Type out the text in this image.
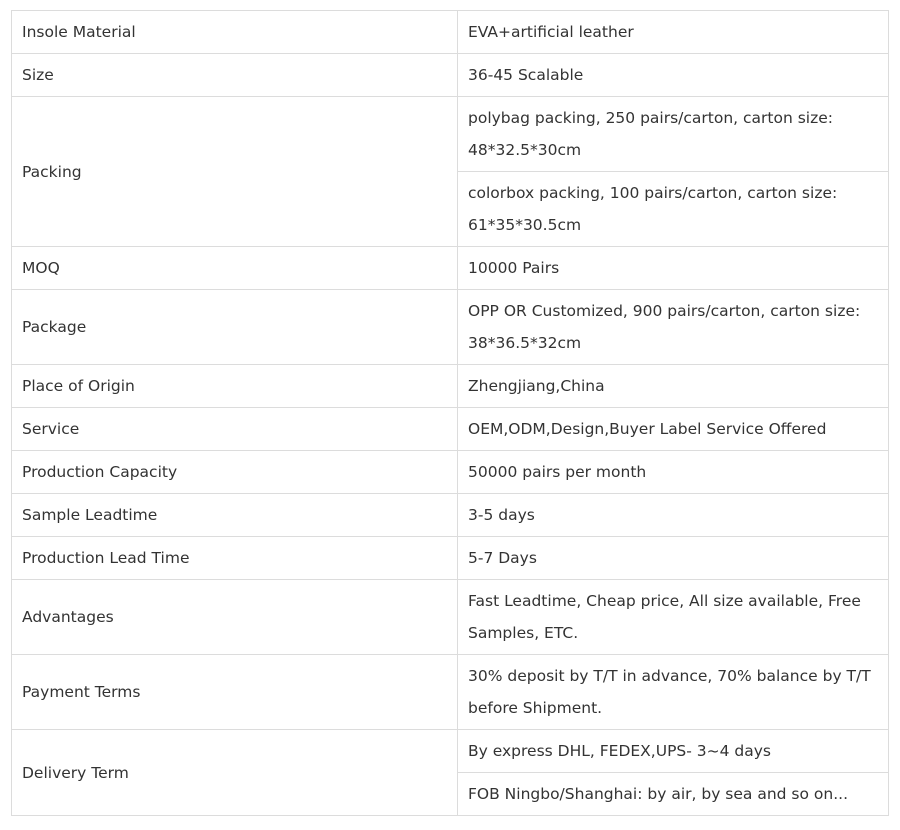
Insole Material	EVA+artificial leather
Size	36-45 Scalable
Packing	polybag packing, 250 pairs/carton, carton size: 48*32.5*30cm
	colorbox packing, 100 pairs/carton, carton size: 61*35*30.5cm
MOQ	10000 Pairs
Package	OPP OR Customized, 900 pairs/carton, carton size: 38*36.5*32cm
Place of Origin	Zhengjiang,China
Service	OEM,ODM,Design,Buyer Label Service Offered
Production Capacity	50000 pairs per month
Sample Leadtime	3-5 days
Production Lead Time	5-7 Days
Advantages	Fast Leadtime, Cheap price, All size available, Free Samples, ETC.
Payment Terms	30% deposit by T/T in advance, 70% balance by T/T before Shipment.
Delivery Term	By express DHL, FEDEX,UPS- 3~4 days
	FOB Ningbo/Shanghai: by air, by sea and so on...
